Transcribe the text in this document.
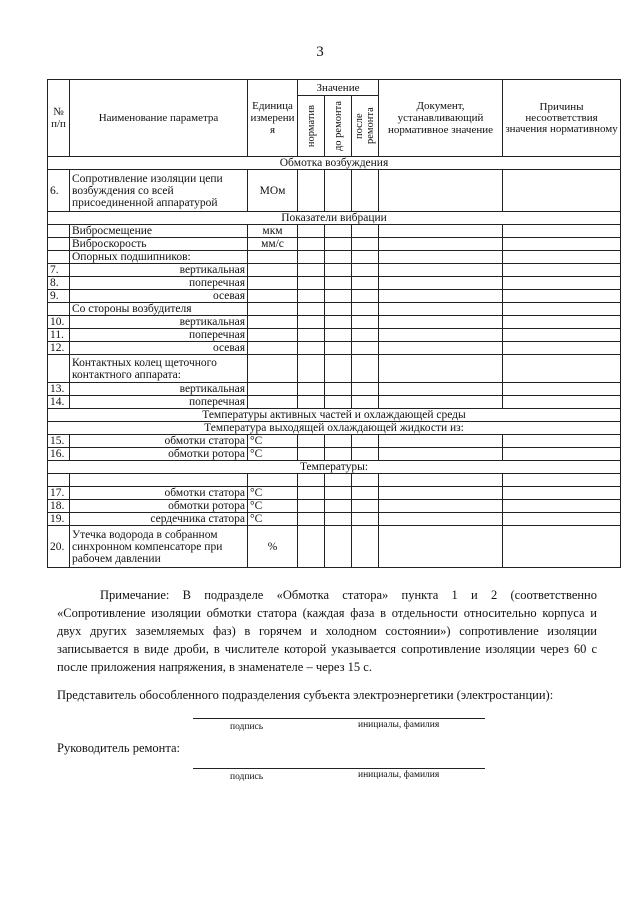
3
№ п/п	Наименование параметра	Единица измерени я	Значение			Документ, устанавливающий нормативное значение	Причины несоответствия значения нормативному

			норматив	до ремонта	после ремонта		

Обмотка возбуждения							
6.	Сопротивление изоляции цепи возбуждения со всей присоединенной аппаратурой	МОм					
Показатели вибрации							
	Виброcмещение	мкм					
	Виброскорость	мм/с					
	Опорных подшипников:						
7.	вертикальная						
8.	поперечная						
9.	осевая						
	Со стороны возбудителя						
10.	вертикальная						
11.	поперечная						
12.	осевая						
	Контактных колец щеточного контактного аппарата:						
13.	вертикальная						
14.	поперечная						
Температуры активных частей и охлаждающей среды							
Температура выходящей охлаждающей жидкости из:							
15.	обмотки статора	°C					
16.	обмотки ротора	°C					
Температуры:							

17.	обмотки статора	°C					
18.	обмотки ротора	°C					
19.	сердечника статора	°C					
20.	Утечка водорода в собранном синхронном компенсаторе при рабочем давлении	%					

Примечание: В подразделе «Обмотка статора» пункта 1 и 2 (соответственно «Сопротивление изоляции обмотки статора (каждая фаза в отдельности относительно корпуса и двух других заземляемых фаз) в горячем и холодном состоянии») сопротивление изоляции записывается в виде дроби, в числителе которой указывается сопротивление изоляции через 60 с после приложения напряжения, в знаменателе – через 15 с.

Представитель обособленного подразделения субъекта электроэнергетики (электростанции):
подпись	инициалы, фамилия
Руководитель ремонта:
подпись	инициалы, фамилия
